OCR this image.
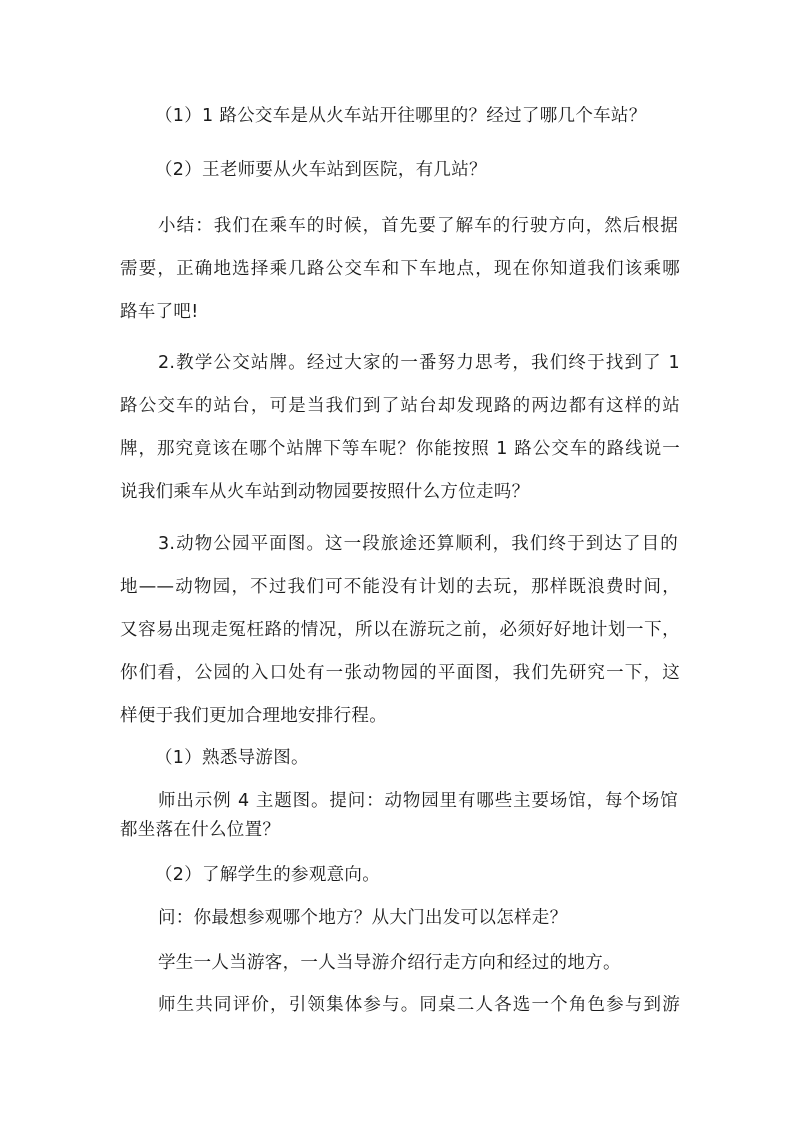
（1）1 路公交车是从火车站开往哪里的？经过了哪几个车站？
（2）王老师要从火车站到医院，有几站？
小结：我们在乘车的时候，首先要了解车的行驶方向，然后根据
需要，正确地选择乘几路公交车和下车地点，现在你知道我们该乘哪
路车了吧!
2.教学公交站牌。经过大家的一番努力思考，我们终于找到了 1
路公交车的站台，可是当我们到了站台却发现路的两边都有这样的站
牌，那究竟该在哪个站牌下等车呢？你能按照 1 路公交车的路线说一
说我们乘车从火车站到动物园要按照什么方位走吗？
3.动物公园平面图。这一段旅途还算顺利，我们终于到达了目的
地——动物园，不过我们可不能没有计划的去玩，那样既浪费时间，
又容易出现走冤枉路的情况，所以在游玩之前，必须好好地计划一下，
你们看，公园的入口处有一张动物园的平面图，我们先研究一下，这
样便于我们更加合理地安排行程。
（1）熟悉导游图。
师出示例 4 主题图。提问：动物园里有哪些主要场馆，每个场馆
都坐落在什么位置？
（2）了解学生的参观意向。
问：你最想参观哪个地方？从大门出发可以怎样走？
学生一人当游客，一人当导游介绍行走方向和经过的地方。
师生共同评价，引领集体参与。同桌二人各选一个角色参与到游
